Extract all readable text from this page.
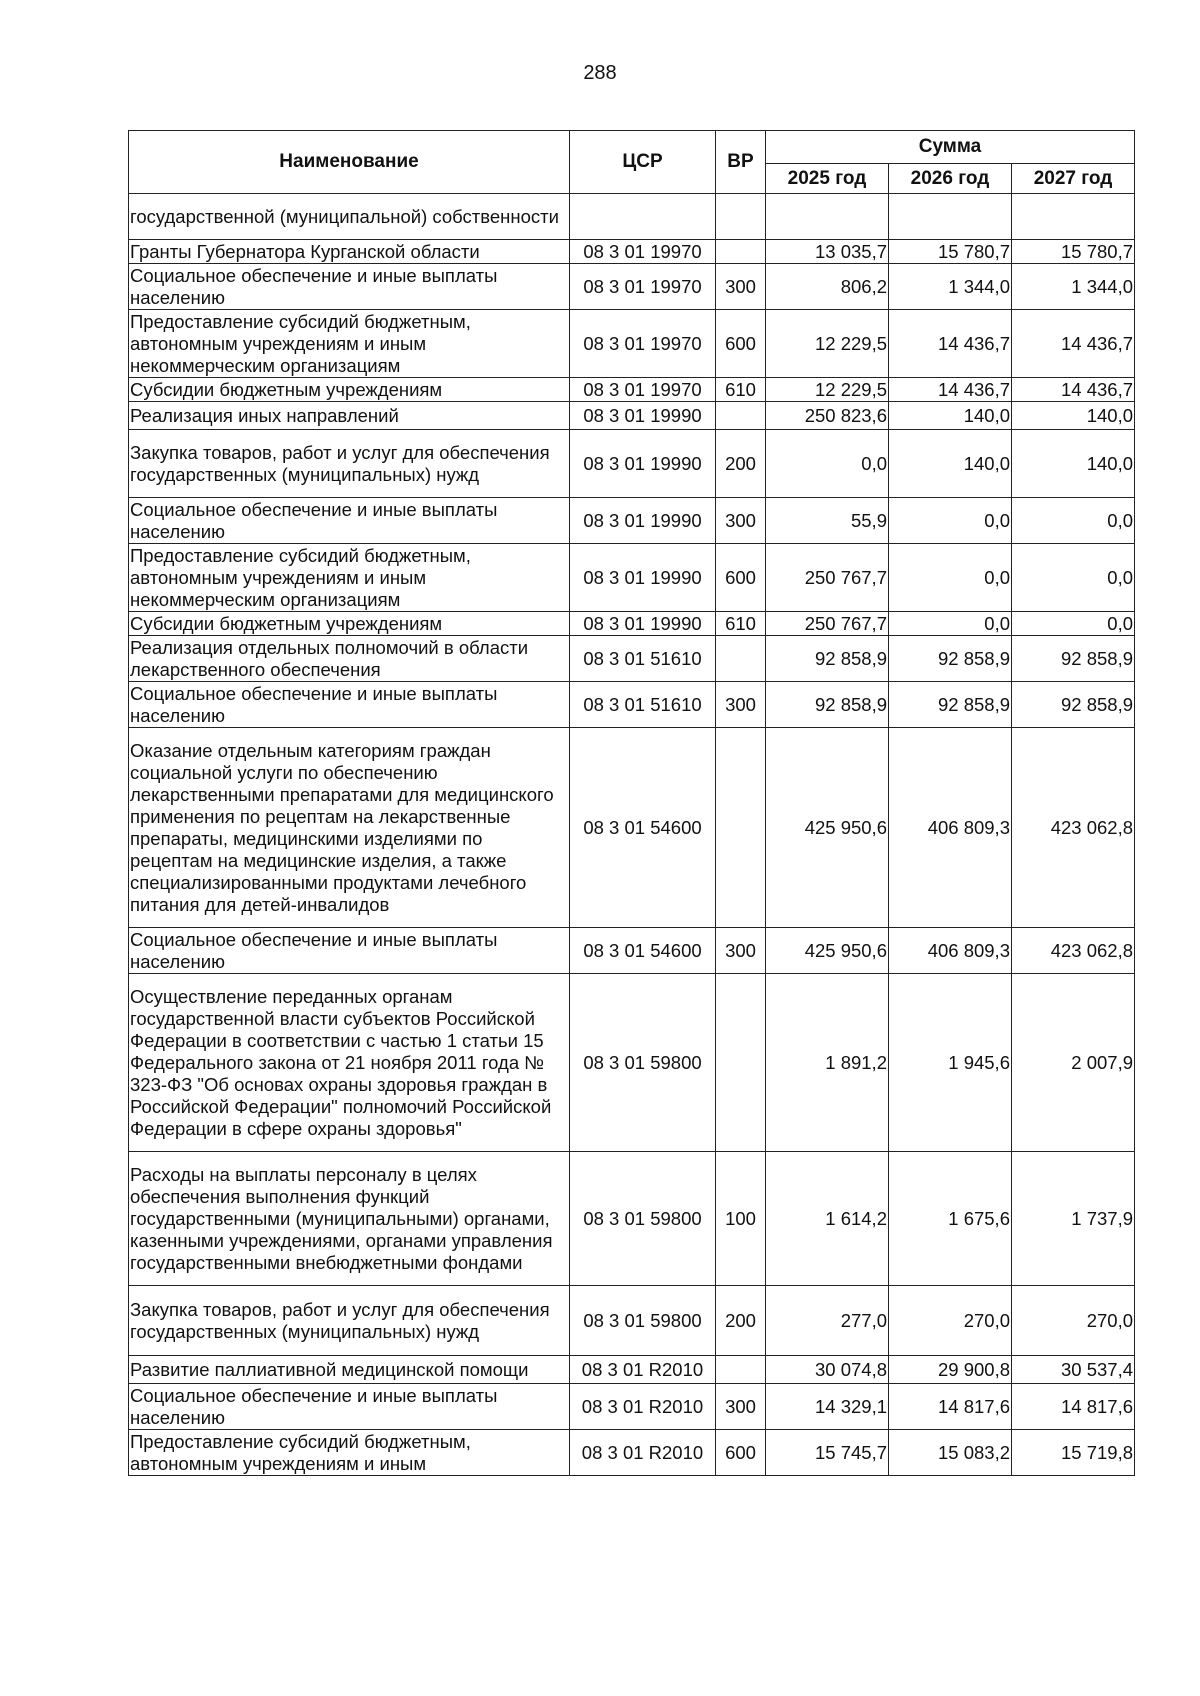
288
Наименование	ЦСР	ВР	Сумма		
			2025 год	2026 год	2027 год
государственной (муниципальной) собственности					
Гранты Губернатора Курганской области	08 3 01 19970		13 035,7	15 780,7	15 780,7
Социальное обеспечение и иные выплаты населению	08 3 01 19970	300	806,2	1 344,0	1 344,0
Предоставление субсидий бюджетным, автономным учреждениям и иным некоммерческим организациям	08 3 01 19970	600	12 229,5	14 436,7	14 436,7
Субсидии бюджетным учреждениям	08 3 01 19970	610	12 229,5	14 436,7	14 436,7
Реализация иных направлений	08 3 01 19990		250 823,6	140,0	140,0
Закупка товаров, работ и услуг для обеспечения государственных (муниципальных) нужд	08 3 01 19990	200	0,0	140,0	140,0
Социальное обеспечение и иные выплаты населению	08 3 01 19990	300	55,9	0,0	0,0
Предоставление субсидий бюджетным, автономным учреждениям и иным некоммерческим организациям	08 3 01 19990	600	250 767,7	0,0	0,0
Субсидии бюджетным учреждениям	08 3 01 19990	610	250 767,7	0,0	0,0
Реализация отдельных полномочий в области лекарственного обеспечения	08 3 01 51610		92 858,9	92 858,9	92 858,9
Социальное обеспечение и иные выплаты населению	08 3 01 51610	300	92 858,9	92 858,9	92 858,9
Оказание отдельным категориям граждан социальной услуги по обеспечению лекарственными препаратами для медицинского применения по рецептам на лекарственные препараты, медицинскими изделиями по рецептам на медицинские изделия, а также специализированными продуктами лечебного питания для детей-инвалидов	08 3 01 54600		425 950,6	406 809,3	423 062,8
Социальное обеспечение и иные выплаты населению	08 3 01 54600	300	425 950,6	406 809,3	423 062,8
Осуществление переданных органам государственной власти субъектов Российской Федерации в соответствии с частью 1 статьи 15 Федерального закона от 21 ноября 2011 года № 323-ФЗ "Об основах охраны здоровья граждан в Российской Федерации" полномочий Российской Федерации в сфере охраны здоровья"	08 3 01 59800		1 891,2	1 945,6	2 007,9
Расходы на выплаты персоналу в целях обеспечения выполнения функций государственными (муниципальными) органами, казенными учреждениями, органами управления государственными внебюджетными фондами	08 3 01 59800	100	1 614,2	1 675,6	1 737,9
Закупка товаров, работ и услуг для обеспечения государственных (муниципальных) нужд	08 3 01 59800	200	277,0	270,0	270,0
Развитие паллиативной медицинской помощи	08 3 01 R2010		30 074,8	29 900,8	30 537,4
Социальное обеспечение и иные выплаты населению	08 3 01 R2010	300	14 329,1	14 817,6	14 817,6
Предоставление субсидий бюджетным, автономным учреждениям и иным	08 3 01 R2010	600	15 745,7	15 083,2	15 719,8
